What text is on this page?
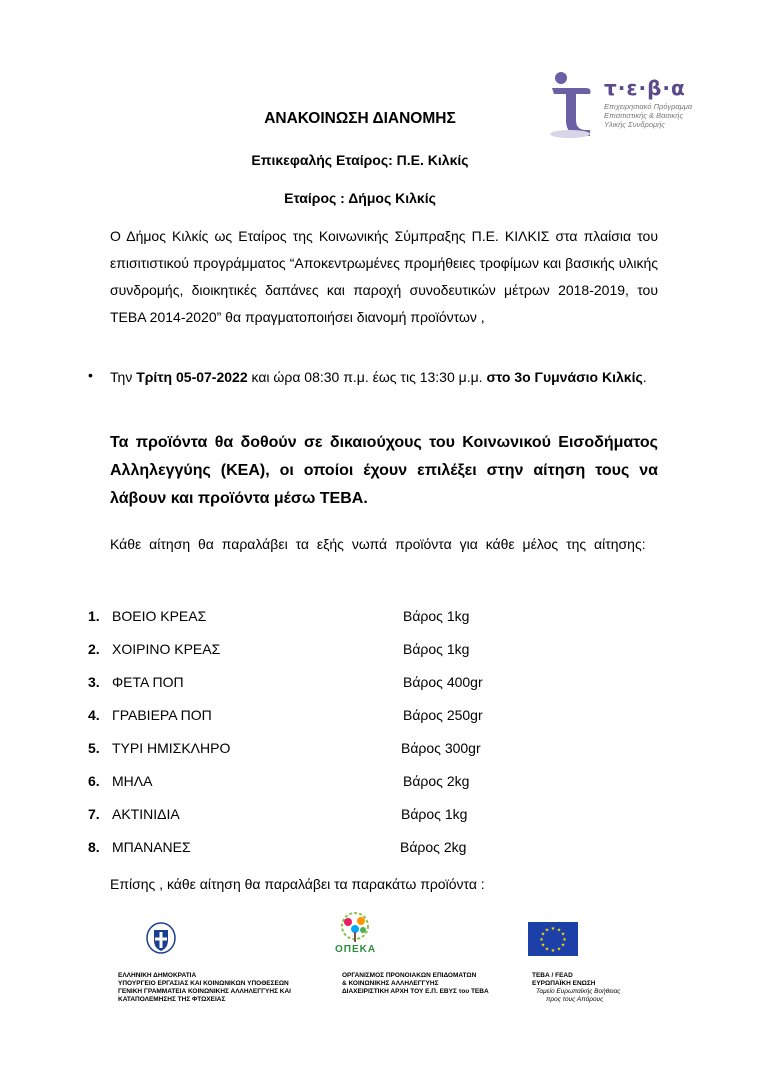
τ·ε·β·α
Επιχειρησιακό Πρόγραμμα
Επισιτιστικής & Βασικής
Υλικής Συνδρομής
ΑΝΑΚΟΙΝΩΣΗ ΔΙΑΝΟΜΗΣ
Επικεφαλής Εταίρος: Π.Ε. Κιλκίς
Εταίρος : Δήμος Κιλκίς
Ο Δήμος Κιλκίς ως Εταίρος της Κοινωνικής Σύμπραξης Π.Ε. ΚΙΛΚΙΣ στα πλαίσια του επισιτιστικού προγράμματος “Αποκεντρωμένες προμήθειες τροφίμων και βασικής υλικής συνδρομής, διοικητικές δαπάνες και παροχή συνοδευτικών μέτρων 2018-2019, του ΤΕΒΑ 2014-2020” θα πραγματοποιήσει διανομή προϊόντων ,
• Την Τρίτη 05-07-2022 και ώρα 08:30 π.μ. έως τις 13:30 μ.μ. στο 3ο Γυμνάσιο Κιλκίς.
Τα προϊόντα θα δοθούν σε δικαιούχους του Κοινωνικού Εισοδήματος Αλληλεγγύης (ΚΕΑ), οι οποίοι έχουν επιλέξει στην αίτηση τους να λάβουν και προϊόντα μέσω ΤΕΒΑ.
Κάθε αίτηση θα παραλάβει τα εξής νωπά προϊόντα για κάθε μέλος της αίτησης:
1. ΒΟΕΙΟ ΚΡΕΑΣ	Βάρος 1kg
2. ΧΟΙΡΙΝΟ ΚΡΕΑΣ	Βάρος 1kg
3. ΦΕΤΑ ΠΟΠ	Βάρος 400gr
4. ΓΡΑΒΙΕΡΑ ΠΟΠ	Βάρος 250gr
5. ΤΥΡΙ ΗΜΙΣΚΛΗΡΟ	Βάρος 300gr
6. ΜΗΛΑ	Βάρος 2kg
7. ΑΚΤΙΝΙΔΙΑ	Βάρος 1kg
8. ΜΠΑΝΑΝΕΣ	Βάρος 2kg
Επίσης , κάθε αίτηση θα παραλάβει τα παρακάτω προϊόντα :
ΟΠΕΚΑ
★ ★
★
★
★
★
★
★
★
★
★
★
ΕΛΛΗΝΙΚΗ ΔΗΜΟΚΡΑΤΙΑ
ΥΠΟΥΡΓΕΙΟ ΕΡΓΑΣΙΑΣ ΚΑΙ ΚΟΙΝΩΝΙΚΩΝ ΥΠΟΘΕΣΕΩΝ
ΓΕΝΙΚΗ ΓΡΑΜΜΑΤΕΙΑ ΚΟΙΝΩΝΙΚΗΣ ΑΛΛΗΛΕΓΓΥΗΣ ΚΑΙ
ΚΑΤΑΠΟΛΕΜΗΣΗΣ ΤΗΣ ΦΤΩΧΕΙΑΣ
ΟΡΓΑΝΙΣΜΟΣ ΠΡΟΝΟΙΑΚΩΝ ΕΠΙΔΟΜΑΤΩΝ
& ΚΟΙΝΩΝΙΚΗΣ ΑΛΛΗΛΕΓΓΥΗΣ
ΔΙΑΧΕΙΡΙΣΤΙΚΗ ΑΡΧΗ ΤΟΥ Ε.Π. ΕΒΥΣ του ΤΕΒΑ
ΤΕΒΑ / FEAD
ΕΥΡΩΠΑΪΚΗ ΕΝΩΣΗ
Ταμείο Ευρωπαϊκής Βοήθειας
προς τους Απόρους
